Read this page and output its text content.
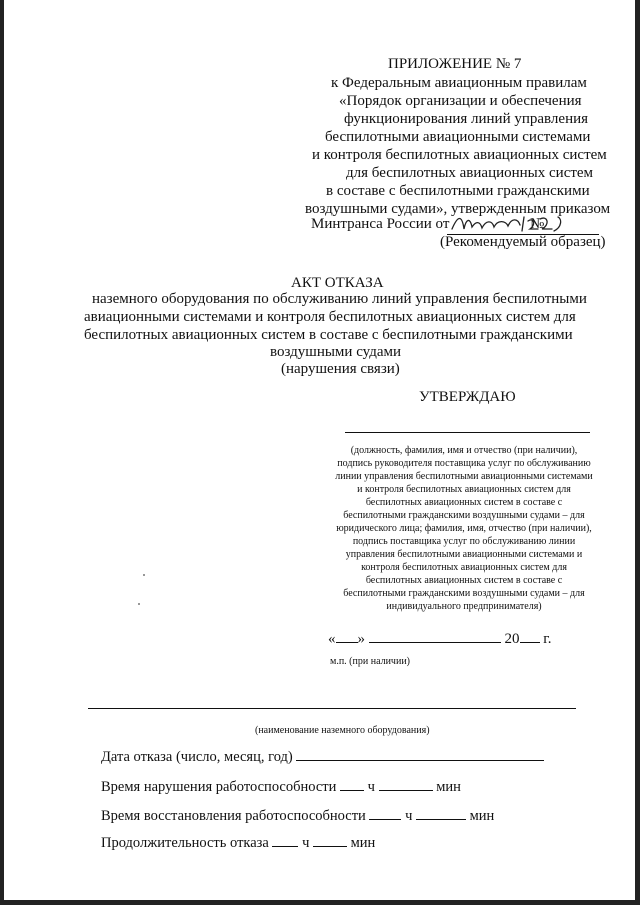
ПРИЛОЖЕНИЕ № 7
к Федеральным авиационным правилам
«Порядок организации и обеспечения
функционирования линий управления
беспилотными авиационными системами
и контроля беспилотных авиационных систем
для беспилотных авиационных систем
в составе с беспилотными гражданскими
воздушными судами», утвержденным приказом
Минтранса России от	№
(Рекомендуемый образец)
АКТ ОТКАЗА
наземного оборудования по обслуживанию линий управления беспилотными
авиационными системами и контроля беспилотных авиационных систем для
беспилотных авиационных систем в составе с беспилотными гражданскими
воздушными судами
(нарушения связи)
УТВЕРЖДАЮ
(должность, фамилия, имя и отчество (при наличии), подпись руководителя поставщика услуг по обслуживанию линии управления беспилотными авиационными системами и контроля беспилотных авиационных систем для беспилотных авиационных систем в составе с беспилотными гражданскими воздушными судами – для юридического лица; фамилия, имя, отчество (при наличии), подпись поставщика услуг по обслуживанию линии управления беспилотными авиационными системами и контроля беспилотных авиационных систем для беспилотных авиационных систем в составе с беспилотными гражданскими воздушными судами – для индивидуального предпринимателя)
« »	20 г.
м.п. (при наличии)
(наименование наземного оборудования)
Дата отказа (число, месяц, год)
Время нарушения работоспособности ч	мин
Время восстановления работоспособности	ч	мин
Продолжительность отказа ч	мин
